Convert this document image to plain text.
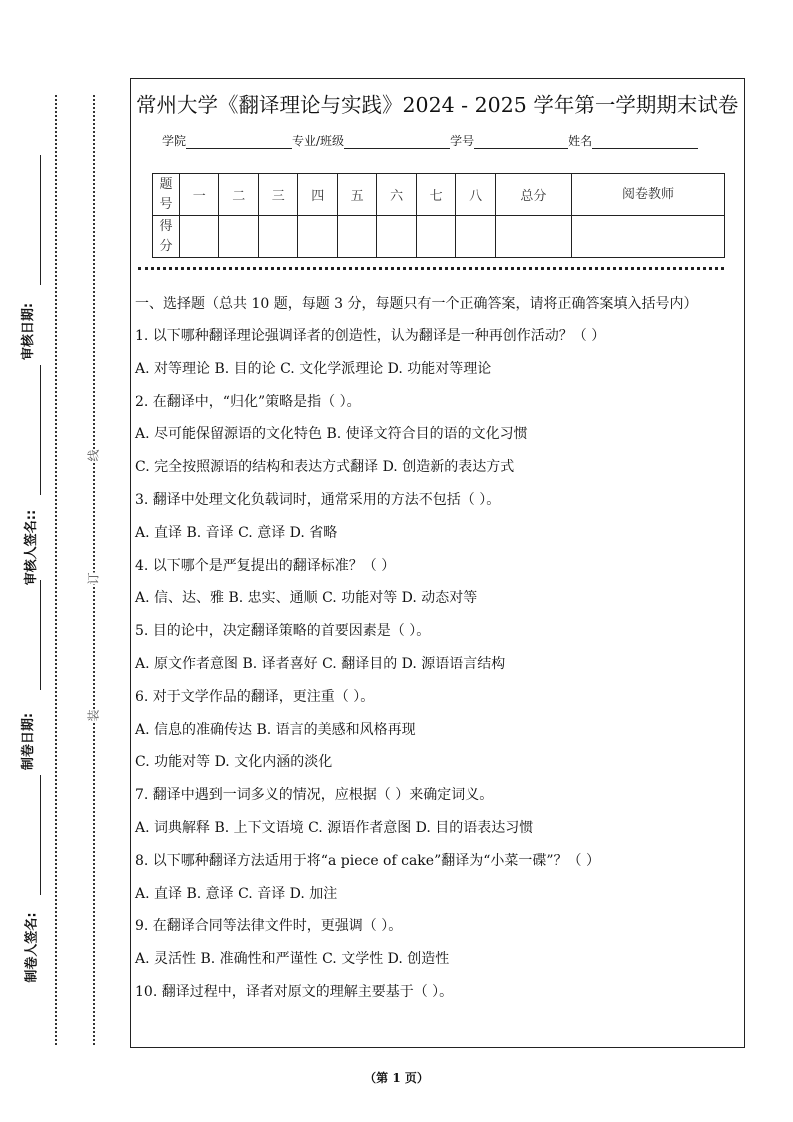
审核日期:
审核人签名::
制卷日期:
制卷人签名:
线
订
装
常州大学《翻译理论与实践》2024 - 2025 学年第一学期期末试卷
学院	专业/班级	学号	姓名
题
号	一	二	三	四	五	六	七	八	总分	阅卷教师
得
分										
一、选择题（总共 10 题，每题 3 分，每题只有一个正确答案，请将正确答案填入括号内）
1. 以下哪种翻译理论强调译者的创造性，认为翻译是一种再创作活动？（ ）
A. 对等理论 B. 目的论 C. 文化学派理论 D. 功能对等理论
2. 在翻译中，“归化”策略是指（ ）。
A. 尽可能保留源语的文化特色 B. 使译文符合目的语的文化习惯
C. 完全按照源语的结构和表达方式翻译 D. 创造新的表达方式
3. 翻译中处理文化负载词时，通常采用的方法不包括（ ）。
A. 直译 B. 音译 C. 意译 D. 省略
4. 以下哪个是严复提出的翻译标准？（ ）
A. 信、达、雅 B. 忠实、通顺 C. 功能对等 D. 动态对等
5. 目的论中，决定翻译策略的首要因素是（ ）。
A. 原文作者意图 B. 译者喜好 C. 翻译目的 D. 源语语言结构
6. 对于文学作品的翻译，更注重（ ）。
A. 信息的准确传达 B. 语言的美感和风格再现
C. 功能对等 D. 文化内涵的淡化
7. 翻译中遇到一词多义的情况，应根据（ ）来确定词义。
A. 词典解释 B. 上下文语境 C. 源语作者意图 D. 目的语表达习惯
8. 以下哪种翻译方法适用于将“a piece of cake”翻译为“小菜一碟”？（ ）
A. 直译 B. 意译 C. 音译 D. 加注
9. 在翻译合同等法律文件时，更强调（ ）。
A. 灵活性 B. 准确性和严谨性 C. 文学性 D. 创造性
10. 翻译过程中，译者对原文的理解主要基于（ ）。
（第 1 页）
